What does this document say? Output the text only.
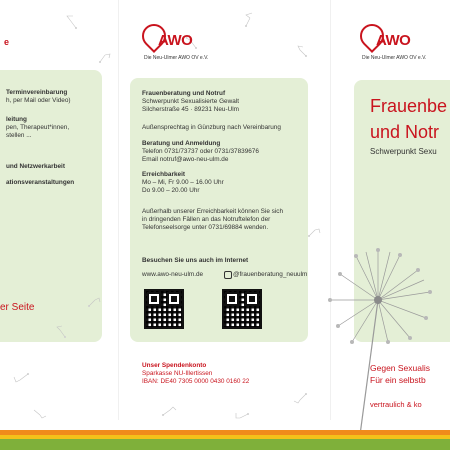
e
Terminvereinbarung
h, per Mail oder Video)
leitung
pen, Therapeut*innen,
stellen ...
und Netzwerkarbeit
ationsveranstaltungen
er Seite
AWO
Die Neu-Ulmer AWO OV e.V.
AWO
Die Neu-Ulmer AWO OV e.V.
Frauenberatung und Notruf
Schwerpunkt Sexualisierte Gewalt
Silcherstraße 45 · 89231 Neu-Ulm
Außensprechtag in Günzburg nach Vereinbarung
Beratung und Anmeldung
Telefon 0731/73737 oder 0731/37839676
Email notruf@awo-neu-ulm.de
Erreichbarkeit
Mo – Mi, Fr 9.00 – 16.00 Uhr
Do 9.00 – 20.00 Uhr
Außerhalb unserer Erreichbarkeit können Sie sich
in dringenden Fällen an das Notruftelefon der
Telefonseelsorge unter 0731/69884 wenden.
Besuchen Sie uns auch im Internet
www.awo-neu-ulm.de	@frauenberatung_neuulm
Unser Spendenkonto
Sparkasse NU-Illertissen
IBAN: DE40 7305 0000 0430 0160 22
Frauenbe
und Notr
Schwerpunkt Sexu
Gegen Sexualis
Für ein selbstb
vertraulich & ko
